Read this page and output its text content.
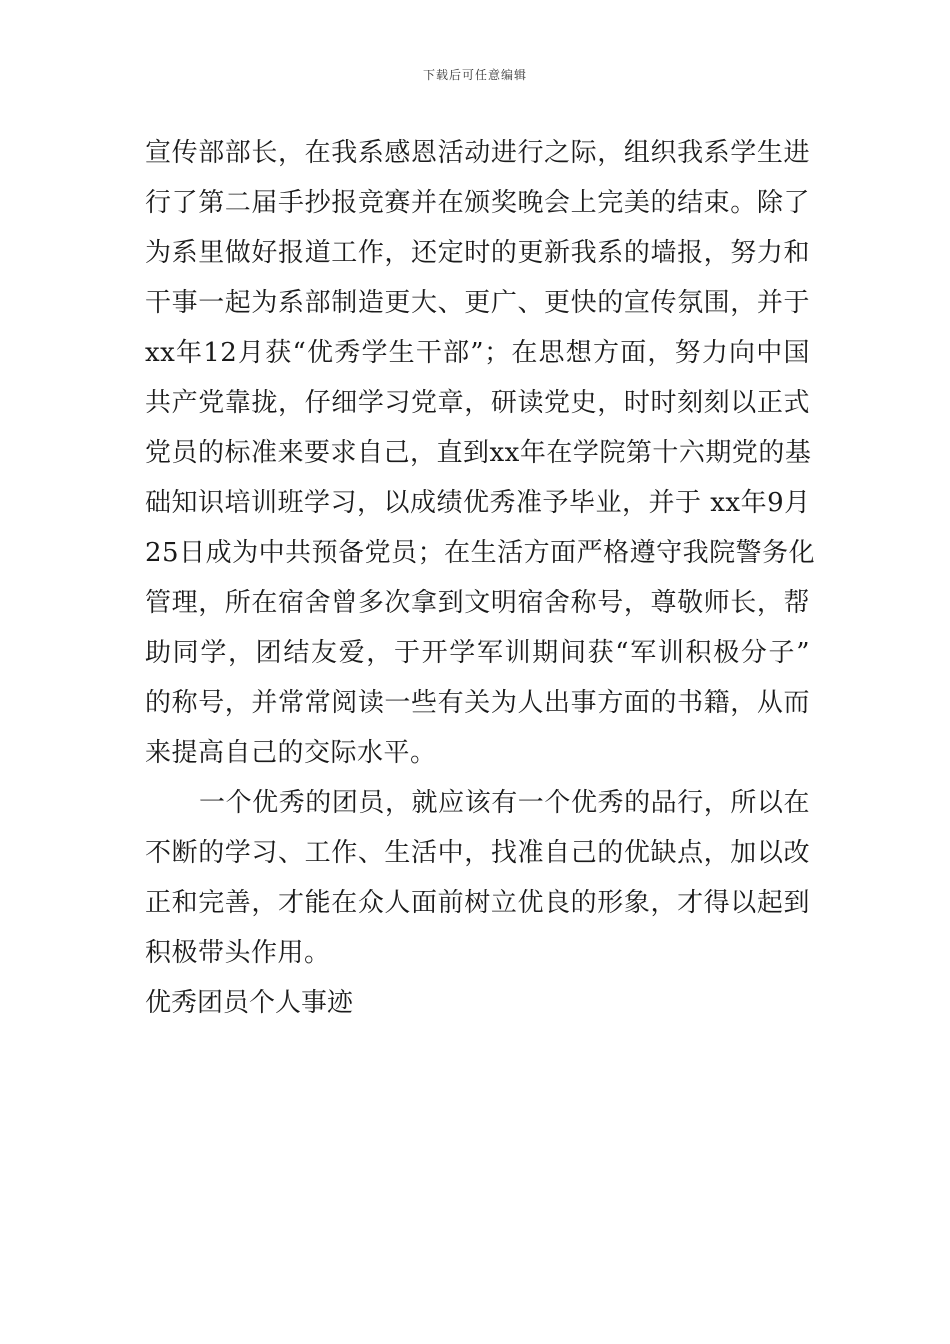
下载后可任意编辑
宣传部部长，在我系感恩活动进行之际，组织我系学生进
行了第二届手抄报竞赛并在颁奖晚会上完美的结束。除了
为系里做好报道工作，还定时的更新我系的墙报，努力和
干事一起为系部制造更大、更广、更快的宣传氛围，并于
xx年12月获“优秀学生干部”；在思想方面，努力向中国
共产党靠拢，仔细学习党章，研读党史，时时刻刻以正式
党员的标准来要求自己，直到xx年在学院第十六期党的基
础知识培训班学习，以成绩优秀准予毕业，并于 xx年9月
25日成为中共预备党员；在生活方面严格遵守我院警务化
管理，所在宿舍曾多次拿到文明宿舍称号，尊敬师长，帮
助同学，团结友爱，于开学军训期间获“军训积极分子”
的称号，并常常阅读一些有关为人出事方面的书籍，从而
来提高自己的交际水平。
一个优秀的团员，就应该有一个优秀的品行，所以在
不断的学习、工作、生活中，找准自己的优缺点，加以改
正和完善，才能在众人面前树立优良的形象，才得以起到
积极带头作用。
优秀团员个人事迹
